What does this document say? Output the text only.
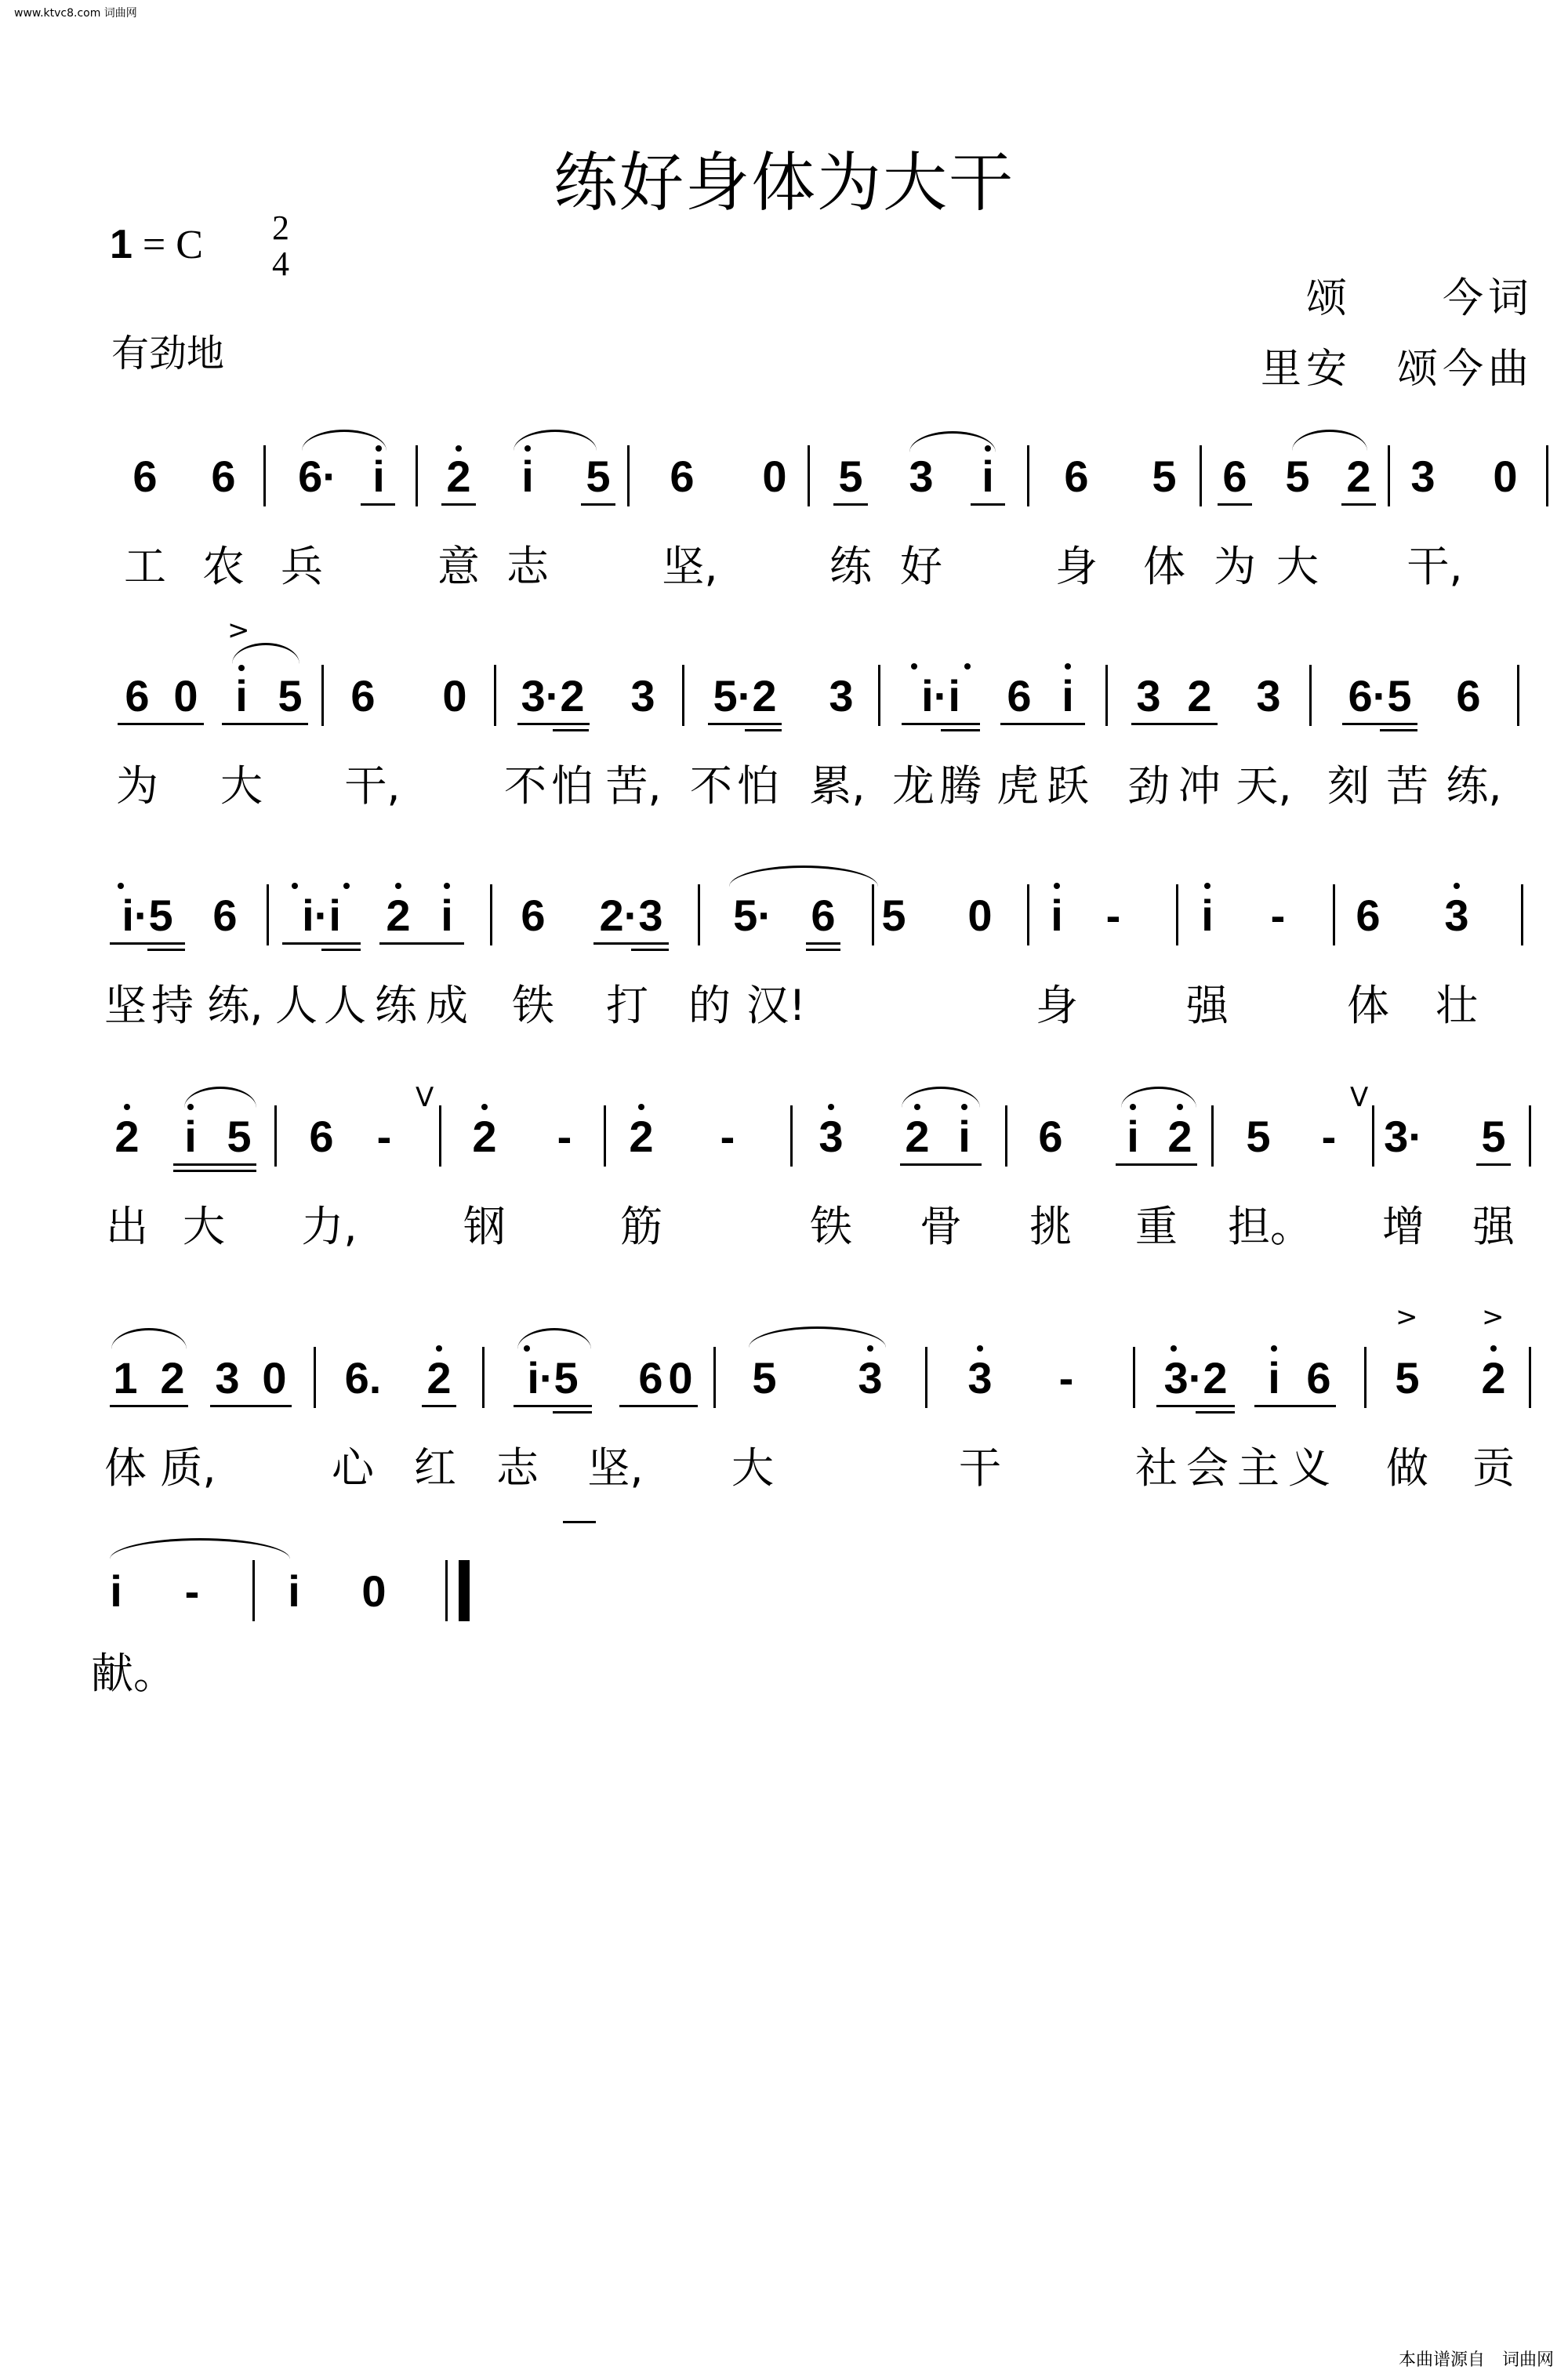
www.ktvc8.com 词曲网
练好身体为大干
1 = C 2
4
有劲地
颂　　今词
里安　颂今曲
6 6 6· i 2 i 5 6 0 5 3 i 6 5 6 5 2 3 0
工 农 兵	意 志	坚,	练 好	身 体 为 大 干,
6 0 i 5
>
6 0 3·2 3 5·2 3 i·i 6 i 3 2 3 6·5 6
为 大 干, 不 怕 苦, 不 怕 累, 龙 腾 虎 跃 劲 冲 天, 刻 苦 练,
i·5 6 i·i 2 i 6 2·3 5· 6 5 0 i - i - 6 3
坚 持 练, 人 人 练 成 铁 打 的 汉!	身	强	体 壮
2 i 5 6 -
V
2 - 2 - 3 2 i 6 i 2 5 -
V
3· 5
出 大 力,	钢	筋	铁 骨 挑 重 担。 增 强
1 2 3 0 6. 2 i·5 6 0 5 3 3 - 3·2 i 6 5 2
> >
体 质,	心 红 志 坚, 大	干	社 会 主 义 做 贡
i - i 0
献。
本曲谱源自　词曲网
